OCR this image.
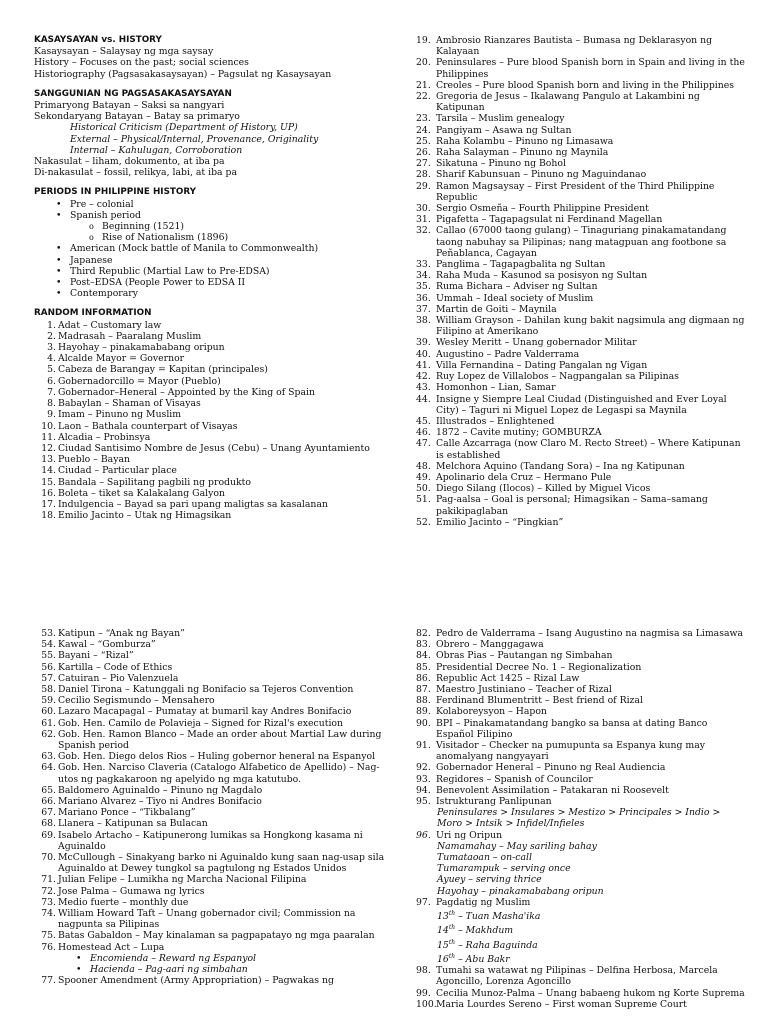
KASAYSAYAN vs. HISTORY
Kasaysayan – Salaysay ng mga saysay
History – Focuses on the past; social sciences
Historiography (Pagsasakasaysayan) – Pagsulat ng Kasaysayan
SANGGUNIAN NG PAGSASAKASAYSAYAN
Primaryong Batayan – Saksi sa nangyari
Sekondaryang Batayan – Batay sa primaryo
Historical Criticism (Department of History, UP)
External – Physical/Internal, Provenance, Originality
Internal – Kahulugan, Corroboration
Nakasulat – liham, dokumento, at iba pa
Di-nakasulat – fossil, relikya, labi, at iba pa
PERIODS IN PHILIPPINE HISTORY
• Pre – colonial
• Spanish period
o Beginning (1521)
o Rise of Nationalism (1896)
• American (Mock battle of Manila to Commonwealth)
• Japanese
• Third Republic (Martial Law to Pre-EDSA)
• Post–EDSA (People Power to EDSA II
• Contemporary
RANDOM INFORMATION
1. Adat – Customary law
2. Madrasah – Paaralang Muslim
3. Hayohay – pinakamababang oripun
4. Alcalde Mayor = Governor
5. Cabeza de Barangay = Kapitan (principales)
6. Gobernadorcillo = Mayor (Pueblo)
7. Gobernador–Heneral – Appointed by the King of Spain
8. Babaylan – Shaman of Visayas
9. Imam – Pinuno ng Muslim
10. Laon – Bathala counterpart of Visayas
11. Alcadia – Probinsya
12. Ciudad Santisimo Nombre de Jesus (Cebu) – Unang Ayuntamiento
13. Pueblo – Bayan
14. Ciudad – Particular place
15. Bandala – Sapilitang pagbili ng produkto
16. Boleta – tiket sa Kalakalang Galyon
17. Indulgencia – Bayad sa pari upang maligtas sa kasalanan
18. Emilio Jacinto – Utak ng Himagsikan
19. Ambrosio Rianzares Bautista – Bumasa ng Deklarasyon ng Kalayaan
20. Peninsulares – Pure blood Spanish born in Spain and living in the Philippines
21. Creoles – Pure blood Spanish born and living in the Philippines
22. Gregoria de Jesus – Ikalawang Pangulo at Lakambini ng Katipunan
23. Tarsila – Muslim genealogy
24. Pangiyam – Asawa ng Sultan
25. Raha Kolambu – Pinuno ng Limasawa
26. Raha Salayman – Pinuno ng Maynila
27. Sikatuna – Pinuno ng Bohol
28. Sharif Kabunsuan – Pinuno ng Maguindanao
29. Ramon Magsaysay – First President of the Third Philippine Republic
30. Sergio Osmeña – Fourth Philippine President
31. Pigafetta – Tagapagsulat ni Ferdinand Magellan
32. Callao (67000 taong gulang) – Tinaguriang pinakamatandang taong nabuhay sa Pilipinas; nang matagpuan ang footbone sa Peñablanca, Cagayan
33. Panglima – Tagapagbalita ng Sultan
34. Raha Muda – Kasunod sa posisyon ng Sultan
35. Ruma Bichara – Adviser ng Sultan
36. Ummah – Ideal society of Muslim
37. Martin de Goiti – Maynila
38. William Grayson – Dahilan kung bakit nagsimula ang digmaan ng Filipino at Amerikano
39. Wesley Meritt – Unang gobernador Militar
40. Augustino – Padre Valderrama
41. Villa Fernandina – Dating Pangalan ng Vigan
42. Ruy Lopez de Villalobos – Nagpangalan sa Pilipinas
43. Homonhon – Lian, Samar
44. Insigne y Siempre Leal Ciudad (Distinguished and Ever Loyal City) – Taguri ni Miguel Lopez de Legaspi sa Maynila
45. Illustrados – Enlightened
46. 1872 – Cavite mutiny; GOMBURZA
47. Calle Azcarraga (now Claro M. Recto Street) – Where Katipunan is established
48. Melchora Aquino (Tandang Sora) – Ina ng Katipunan
49. Apolinario dela Cruz – Hermano Pule
50. Diego Silang (Ilocos) – Killed by Miguel Vicos
51. Pag-aalsa – Goal is personal; Himagsikan – Sama–samang pakikipaglaban
52. Emilio Jacinto – “Pingkian”
53. Katipun – “Anak ng Bayan”
54. Kawal – “Gomburza”
55. Bayani – “Rizal”
56. Kartilla – Code of Ethics
57. Catuiran – Pio Valenzuela
58. Daniel Tirona – Katunggali ng Bonifacio sa Tejeros Convention
59. Cecilio Segismundo – Mensahero
60. Lazaro Macapagal – Pumatay at bumaril kay Andres Bonifacio
61. Gob. Hen. Camilo de Polavieja – Signed for Rizal's execution
62. Gob. Hen. Ramon Blanco – Made an order about Martial Law during Spanish period
63. Gob. Hen. Diego delos Rios – Huling gobernor heneral na Espanyol
64. Gob. Hen. Narciso Claveria (Catalogo Alfabetico de Apellido) – Nag-utos ng pagkakaroon ng apelyido ng mga katutubo.
65. Baldomero Aguinaldo – Pinuno ng Magdalo
66. Mariano Alvarez – Tiyo ni Andres Bonifacio
67. Mariano Ponce – “Tikbalang”
68. Llanera – Katipunan sa Bulacan
69. Isabelo Artacho – Katipunerong lumikas sa Hongkong kasama ni Aguinaldo
70. McCullough – Sinakyang barko ni Aguinaldo kung saan nag-usap sila Aguinaldo at Dewey tungkol sa pagtulong ng Estados Unidos
71. Julian Felipe – Lumikha ng Marcha Nacional Filipina
72. Jose Palma – Gumawa ng lyrics
73. Medio fuerte – monthly due
74. William Howard Taft – Unang gobernador civil; Commission na nagpunta sa Pilipinas
75. Batas Gabaldon – May kinalaman sa pagpapatayo ng mga paaralan
76. Homestead Act – Lupa
• Encomienda – Reward ng Espanyol
• Hacienda – Pag-aari ng simbahan
77. Spooner Amendment (Army Appropriation) – Pagwakas ng
82. Pedro de Valderrama – Isang Augustino na nagmisa sa Limasawa
83. Obrero – Manggagawa
84. Obras Pias – Pautangan ng Simbahan
85. Presidential Decree No. 1 – Regionalization
86. Republic Act 1425 – Rizal Law
87. Maestro Justiniano – Teacher of Rizal
88. Ferdinand Blumentritt – Best friend of Rizal
89. Kolaboreysyon – Hapon
90. BPI – Pinakamatandang bangko sa bansa at dating Banco Español Filipino
91. Visitador – Checker na pumupunta sa Espanya kung may anomalyang nangyayari
92. Gobernador Heneral – Pinuno ng Real Audiencia
93. Regidores – Spanish of Councilor
94. Benevolent Assimilation – Patakaran ni Roosevelt
95. Istrukturang Panlipunan
Peninsulares > Insulares > Mestizo > Principales > Indio > Moro > Intsik > Infidel/Infieles
96. Uri ng Oripun
Namamahay – May sariling bahay
Tumataoan – on-call
Tumarampuk – serving once
Ayuey – serving thrice
Hayohay – pinakamababang oripun
97. Pagdatig ng Muslim
13th – Tuan Masha'ika
14th – Makhdum
15th – Raha Baguinda
16th – Abu Bakr
98. Tumahi sa watawat ng Pilipinas – Delfina Herbosa, Marcela Agoncillo, Lorenza Agoncillo
99. Cecilia Munoz-Palma – Unang babaeng hukom ng Korte Suprema
100. Maria Lourdes Sereno – First woman Supreme Court
